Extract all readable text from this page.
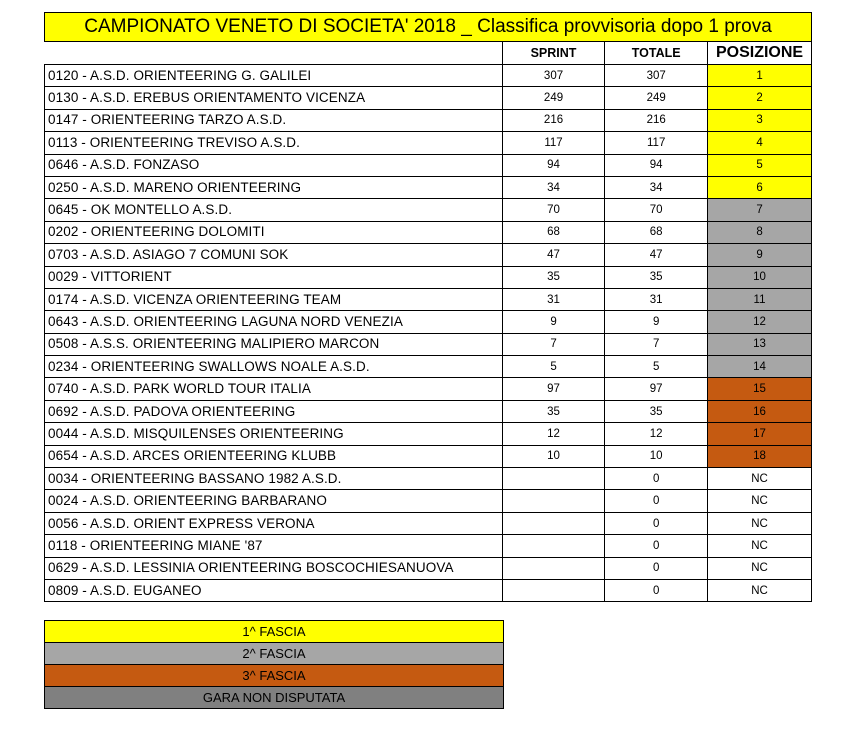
CAMPIONATO VENETO DI SOCIETA' 2018 _ Classifica provvisoria dopo 1 prova			
	SPRINT	TOTALE	POSIZIONE
0120 - A.S.D. ORIENTEERING G. GALILEI	307	307	1
0130 - A.S.D. EREBUS ORIENTAMENTO VICENZA	249	249	2
0147 - ORIENTEERING TARZO A.S.D.	216	216	3
0113 - ORIENTEERING TREVISO A.S.D.	117	117	4
0646 - A.S.D. FONZASO	94	94	5
0250 - A.S.D. MARENO ORIENTEERING	34	34	6
0645 - OK MONTELLO A.S.D.	70	70	7
0202 - ORIENTEERING DOLOMITI	68	68	8
0703 - A.S.D. ASIAGO 7 COMUNI SOK	47	47	9
0029 - VITTORIENT	35	35	10
0174 - A.S.D. VICENZA ORIENTEERING TEAM	31	31	11
0643 - A.S.D. ORIENTEERING LAGUNA NORD VENEZIA	9	9	12
0508 - A.S.S. ORIENTEERING MALIPIERO MARCON	7	7	13
0234 - ORIENTEERING SWALLOWS NOALE A.S.D.	5	5	14
0740 - A.S.D. PARK WORLD TOUR ITALIA	97	97	15
0692 - A.S.D. PADOVA ORIENTEERING	35	35	16
0044 - A.S.D. MISQUILENSES ORIENTEERING	12	12	17
0654 - A.S.D. ARCES ORIENTEERING KLUBB	10	10	18
0034 - ORIENTEERING BASSANO 1982 A.S.D.		0	NC
0024 - A.S.D. ORIENTEERING BARBARANO		0	NC
0056 - A.S.D. ORIENT EXPRESS VERONA		0	NC
0118 - ORIENTEERING MIANE '87		0	NC
0629 - A.S.D. LESSINIA ORIENTEERING BOSCOCHIESANUOVA		0	NC
0809 - A.S.D. EUGANEO		0	NC
1^ FASCIA
2^ FASCIA
3^ FASCIA
GARA NON DISPUTATA
